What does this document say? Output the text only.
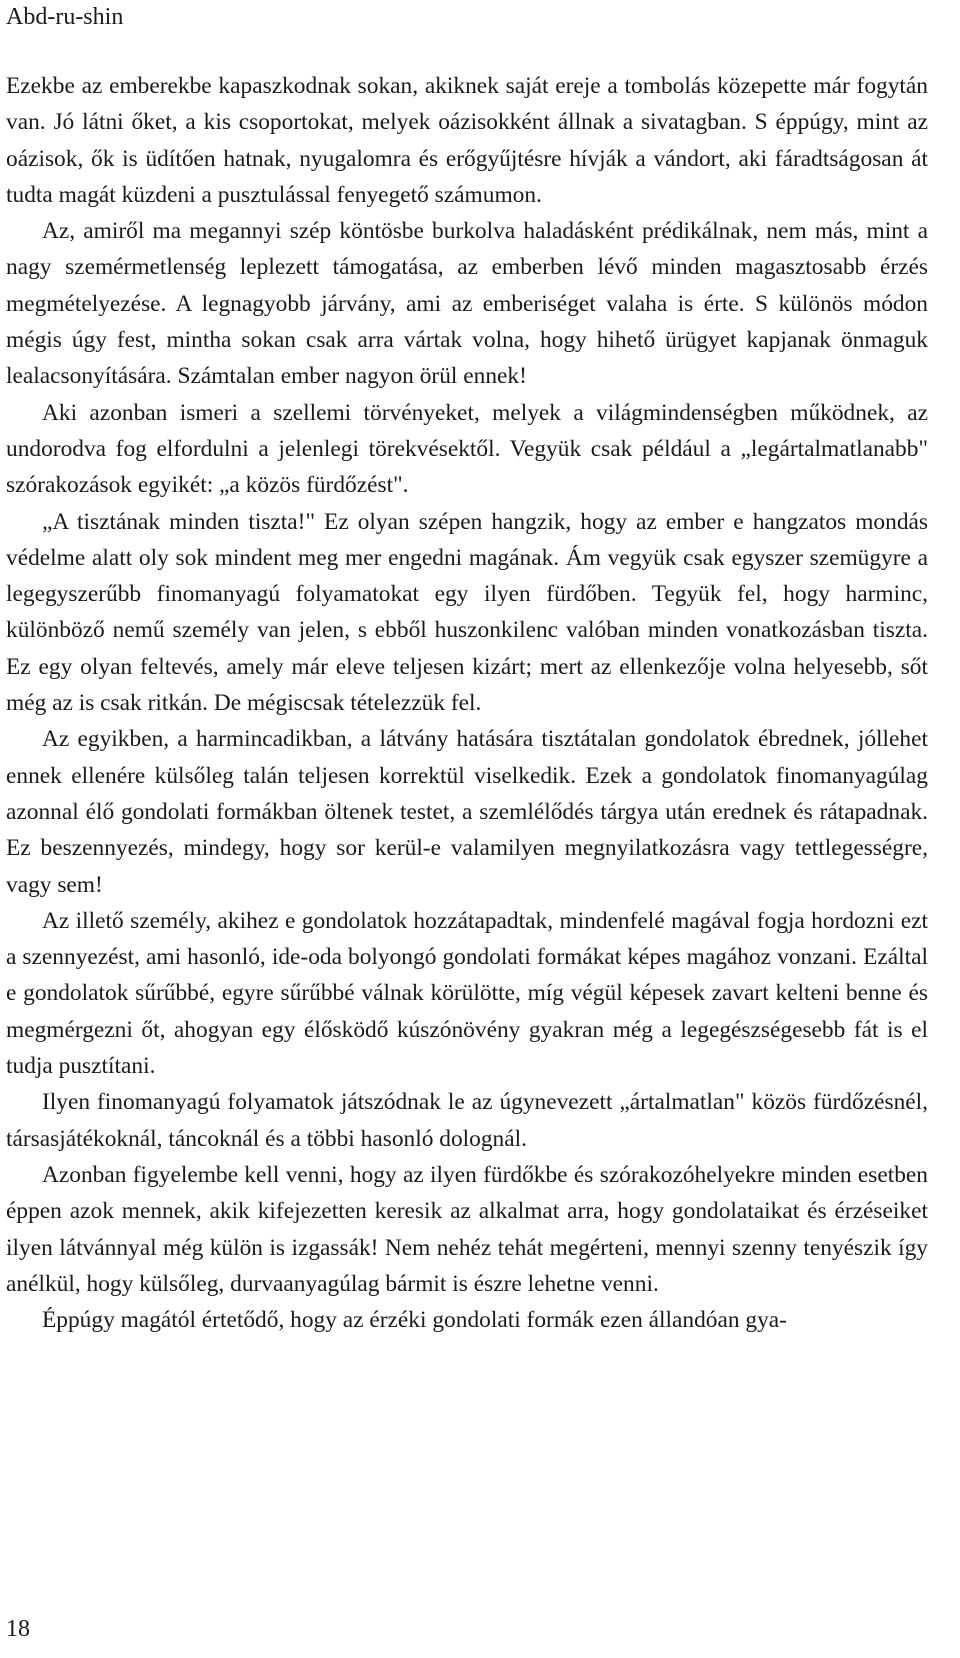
Abd-ru-shin

Ezekbe az emberekbe kapaszkodnak sokan, akiknek saját ereje a tombolás közepette már fogytán van. Jó látni őket, a kis csoportokat, melyek oázisokként állnak a sivatagban. S éppúgy, mint az oázisok, ők is üdítően hatnak, nyugalomra és erőgyűjtésre hívják a vándort, aki fáradtságosan át tudta magát küzdeni a pusztulással fenyegető számumon.

Az, amiről ma megannyi szép köntösbe burkolva haladásként prédikálnak, nem más, mint a nagy szemérmetlenség leplezett támogatása, az emberben lévő minden magasztosabb érzés megmételyezése. A legnagyobb járvány, ami az emberiséget valaha is érte. S különös módon mégis úgy fest, mintha sokan csak arra vártak volna, hogy hihető ürügyet kapjanak önmaguk lealacsonyítására. Számtalan ember nagyon örül ennek!

Aki azonban ismeri a szellemi törvényeket, melyek a világmindenségben működnek, az undorodva fog elfordulni a jelenlegi törekvésektől. Vegyük csak például a „legártalmatlanabb" szórakozások egyikét: „a közös fürdőzést".

„A tisztának minden tiszta!" Ez olyan szépen hangzik, hogy az ember e hangzatos mondás védelme alatt oly sok mindent meg mer engedni magának. Ám vegyük csak egyszer szemügyre a legegyszerűbb finomanyagú folyamatokat egy ilyen fürdőben. Tegyük fel, hogy harminc, különböző nemű személy van jelen, s ebből huszonkilenc valóban minden vonatkozásban tiszta. Ez egy olyan feltevés, amely már eleve teljesen kizárt; mert az ellenkezője volna helyesebb, sőt még az is csak ritkán. De mégiscsak tételezzük fel.

Az egyikben, a harmincadikban, a látvány hatására tisztátalan gondolatok ébrednek, jóllehet ennek ellenére külsőleg talán teljesen korrektül viselkedik. Ezek a gondolatok finomanyagúlag azonnal élő gondolati formákban öltenek testet, a szemlélődés tárgya után erednek és rátapadnak. Ez beszennyezés, mindegy, hogy sor kerül-e valamilyen megnyilatkozásra vagy tettlegességre, vagy sem!

Az illető személy, akihez e gondolatok hozzátapadtak, mindenfelé magával fogja hordozni ezt a szennyezést, ami hasonló, ide-oda bolyongó gondolati formákat képes magához vonzani. Ezáltal e gondolatok sűrűbbé, egyre sűrűbbé válnak körülötte, míg végül képesek zavart kelteni benne és megmérgezni őt, ahogyan egy élősködő kúszónövény gyakran még a legegészségesebb fát is el tudja pusztítani.

Ilyen finomanyagú folyamatok játszódnak le az úgynevezett „ártalmatlan" közös fürdőzésnél, társasjátékoknál, táncoknál és a többi hasonló dolognál.

Azonban figyelembe kell venni, hogy az ilyen fürdőkbe és szórakozóhelyekre minden esetben éppen azok mennek, akik kifejezetten keresik az alkalmat arra, hogy gondolataikat és érzéseiket ilyen látvánnyal még külön is izgassák! Nem nehéz tehát megérteni, mennyi szenny tenyészik így anélkül, hogy külsőleg, durvaanyagúlag bármit is észre lehetne venni.

Éppúgy magától értetődő, hogy az érzéki gondolati formák ezen állandóan gya-

18
